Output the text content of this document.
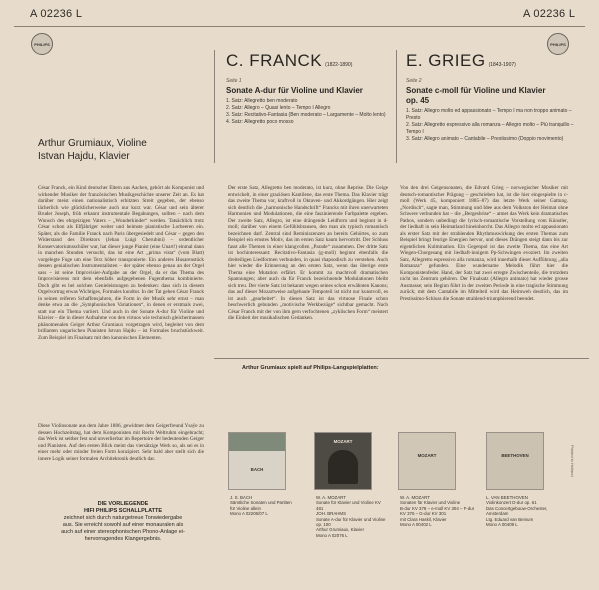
A 02236 L	A 02236 L
PHILIPS	PHILIPS
C. FRANCK (1822-1890)
Seite 1
Sonate A-dur für Violine und Klavier
1. Satz: Allegretto ben moderato
2. Satz: Allegro – Quasi lento – Tempo I Allegro
3. Satz: Recitativo-Fantasia (Ben moderato – Largamente – Molto lento)
4. Satz: Allegretto poco mosso
E. GRIEG (1843-1907)
Seite 2
Sonate c-moll für Violine und Klavier
op. 45
1. Satz: Allegro molto ed appassionato – Tempo I ma non troppo animato – Presto
2. Satz: Allegretto espressivo alla romanza – Allegro molto – Più tranquillo – Tempo I
3. Satz: Allegro animato – Cantabile – Prestissimo (Doppio movimento)
Arthur Grumiaux, Violine
Istvan Hajdu, Klavier
César Franck, ein Kind deutscher Eltern aus Aachen, gehört als Komponist und wirkender Musiker der französischen Musikgeschichte unserer Zeit an. Es hat darüber meist einen nationalistisch erhitzten Streit gegeben, der ebenso lächerlich wie glücklicherweise auch nur kurz war. César und sein älterer Bruder Joseph, früh erkannt instrumentale Begabungen, sollten – nach dem Wunsch des ehrgeizigen Vaters – „Wunderkinder“ werden. Tatsächlich trotz César schon als Elfjähriger weiter und heimste pianistische Lorbeeren ein. Später, als die Familie Franck nach Paris übergesiedelt und César – gegen den Widerstand des Direktors (Jehan Luigi Cherubini) – ordentlicher Konservatoriumsschüler war, hat dieser junge Pianist (eine Unart!) einmal dann in manchen Stunden versucht, das ist eine Art „prima vista“ (vom Blatt) vorgelegte Fuge um eine Terz höher transponierte. Ein anderes Husarenstück dessen genialischen Instrumentalisten – der später ebenso genau an der Orgel sass – ist seine Improvisier-Aufgabe an der Orgel, da er das Thema des Improvisierens mit dem ebenfalls aufgegebenen Fugenthema kombinierte. Doch gibt es bei solchen Genieleistungen zu bedenken: dass sich in diesem Orgelvortrag etwas Wichtiges, Formales kundtut. In der Tat gehen César Franck in seinen reiferen Schaffensjahren, die Form in der Musik sehr ernst – man denke etwa an die „Symphonischen Variationen“, in denen er erstmals zwei, statt nur ein Thema variiert. Und auch in der Sonate A-dur für Violine und Klavier – die in dieser Aufnahme von den virtuos wie technisch gleichermassen phänomenalen Geiger Arthur Grumiaux vorgetragen wird, begleitet von dem brillanten ungarischen Pianisten Istvan Hajdu – ist Formales bruchstückweit. Zum Beispiel im Finalsatz mit den kanonischen Elementen.
Diese Violinsonate aus dem Jahre 1886, gewidmet dem Geigerfreund Ysaÿe zu dessen Hochzeitstag, hat dem Komponisten mit Recht Weltruhm eingebracht; das Werk ist seither fest und unverlierbar im Repertoire der bedeutenden Geiger und Pianisten. Auf den ersten Blick meint das viersätzige Werk so, als sei es in einer mehr oder minder freien Form konzipiert. Sehr bald aber stellt sich die innere Logik seiner formalen Architektonik deutlich dar.
Der erste Satz, Allegretto ben moderato, ist kurz, ohne Reprise. Die Geige entwickelt, in einer graziösen Kantilene, das erste Thema. Das Klavier trägt das zweite Thema vor, kraftvoll in Oktaven- und Akkordgängen. Hier zeigt sich deutlich die „harmonische Handschrift“ Francks mit ihren unerwarteten Harmonien und Modulationen, die eine faszinierende Farbpalette ergeben. Der zweite Satz, Allegro, ist eine drängende Leidform und beginnt in d-moll; darüber von einem Gefühlsbrausen, den man als typisch romantisch bezeichnen darf. Zentral sind Reminiszenzen an bereits Gehörtes, so zum Beispiel ein ernstes Motiv, das im ersten Satz kaum hervortritt. Der Schluss fasst alle Themen in einer klangvollen „Parade“ zusammen. Der dritte Satz ist hochinteressant: Recitativo-Fantasia (g-moll) beginnt ebenfalls die dreiteiligen Liedformen verbunden, in quasi rhapsodisch zu verstehen. Auch hier wieder die Erinnerung an den ersten Satz, wenn das überige erste Thema eine Mutation erfährt. Er kommt zu machtvoll dramatischen Spannungen; aber auch da für Franck bezeichnende Modulationen bleibt sich treu. Der vierte Satz ist bekannt wegen seines schon erwähnten Kanons; das auf dieser Mozartweise aufgebaute Tempoteil ist nicht nur kunstvoll, es ist auch „gearbeitet“. In diesen Satz ist das virtuose Finale schon beschwerlich gebunden „motivische Werkbezüge“ sichtbar gemacht. Nach César Franck mit der von ihm gern verfochtenen „zyklischen Form“ meistert die Einheit der musikalischen Gedanken.
Von den drei Geigensonaten, die Edvard Grieg – norwegischer Musiker mit deutsch-romantischer Prägung – geschrieben hat, ist die hier eingespielte in c-moll (Werk 45, komponiert 1885–87) das letzte Werk seiner Gattung. „Nordisch“, sagte man, Stimmung und Idee aus dem Volkston der Heimat ohne Schwere verbunden hat – die „Bergesbrise“ – atmet das Werk kein dramatisches Pathos, sondern unbedingt die lyrisch-romantische Vorstellung vom Künstler, der liedhaft in sein Heimatland hineinhorcht. Das Allegro molto ed appassionato als erster Satz mit der strahlenden Rhythmuswirkung des ersten Themas zum Beispiel bringt feurige Energien hervor, und dieses Drängen steigt dann bis zur eigentlichen Kulmination. Ein Gegenpol ist das zweite Thema, das eine Art Wiegen-Chorgesang mit liedhaft-innigem Pp-Schwingen evoziert. Im zweiten Satz, Allegretto espressivo alla romanza, wird innerhalb dieser Aufführung „alla Romanza“ gefunden. Eine wundersame Melodik führt hier die Komponistenfeder. Hand, der Satz hat zwei erregte Zwischenteile, die trotzdem nicht ins Zentrum gehören. Der Finalsatz (Allegro animato) hat wieder grosse Ausmasse; sein Beginn führt in der zweiten Periode in eine tragische Stimmung zurück; mit dem Cantabile im Mittelteil wird das Heimweh deutlich, das im Prestissimo-Schluss die Sonate strahlend-triumphierend beendet.
Arthur Grumiaux spielt auf Philips-Langspielplatten:
BACH
MOZART
MOZART	BEETHOVEN
J. S. BACH
Sämtliche Sonaten und Partiten für Violine allein
Mono A 02206/07 L
W. A. MOZART
Sonate für Klavier und Violine KV 481
JOH. BRAHMS
Sonate A-dur für Klavier und Violine op. 100
Arthur Grumiaux, Klavier
Mono A 02076 L
W. A. MOZART
Sonaten für Klavier und Violine
B-dur KV 378 – e-moll KV 304 – F-dur KV 376 – G-dur KV 301
mit Clara Haskil, Klavier
Mono A 00402 L
L. VAN BEETHOVEN
Violinkonzert D-dur op. 61
Das Concertgebouw-Orchester, Amsterdam
Ltg. Eduard van Beinum
Mono A 00409 L
Printed in Holland
DIE VORLIEGENDE
HIFI PHILIPS SCHALLPLATTE
zeichnet sich durch naturgetreue Tonwiedergabe
aus. Sie erreicht sowohl auf einer monauralen als
auch auf einer stereophonischen Phono-Anlage ei-
hervorragendes Klangergebnis.
